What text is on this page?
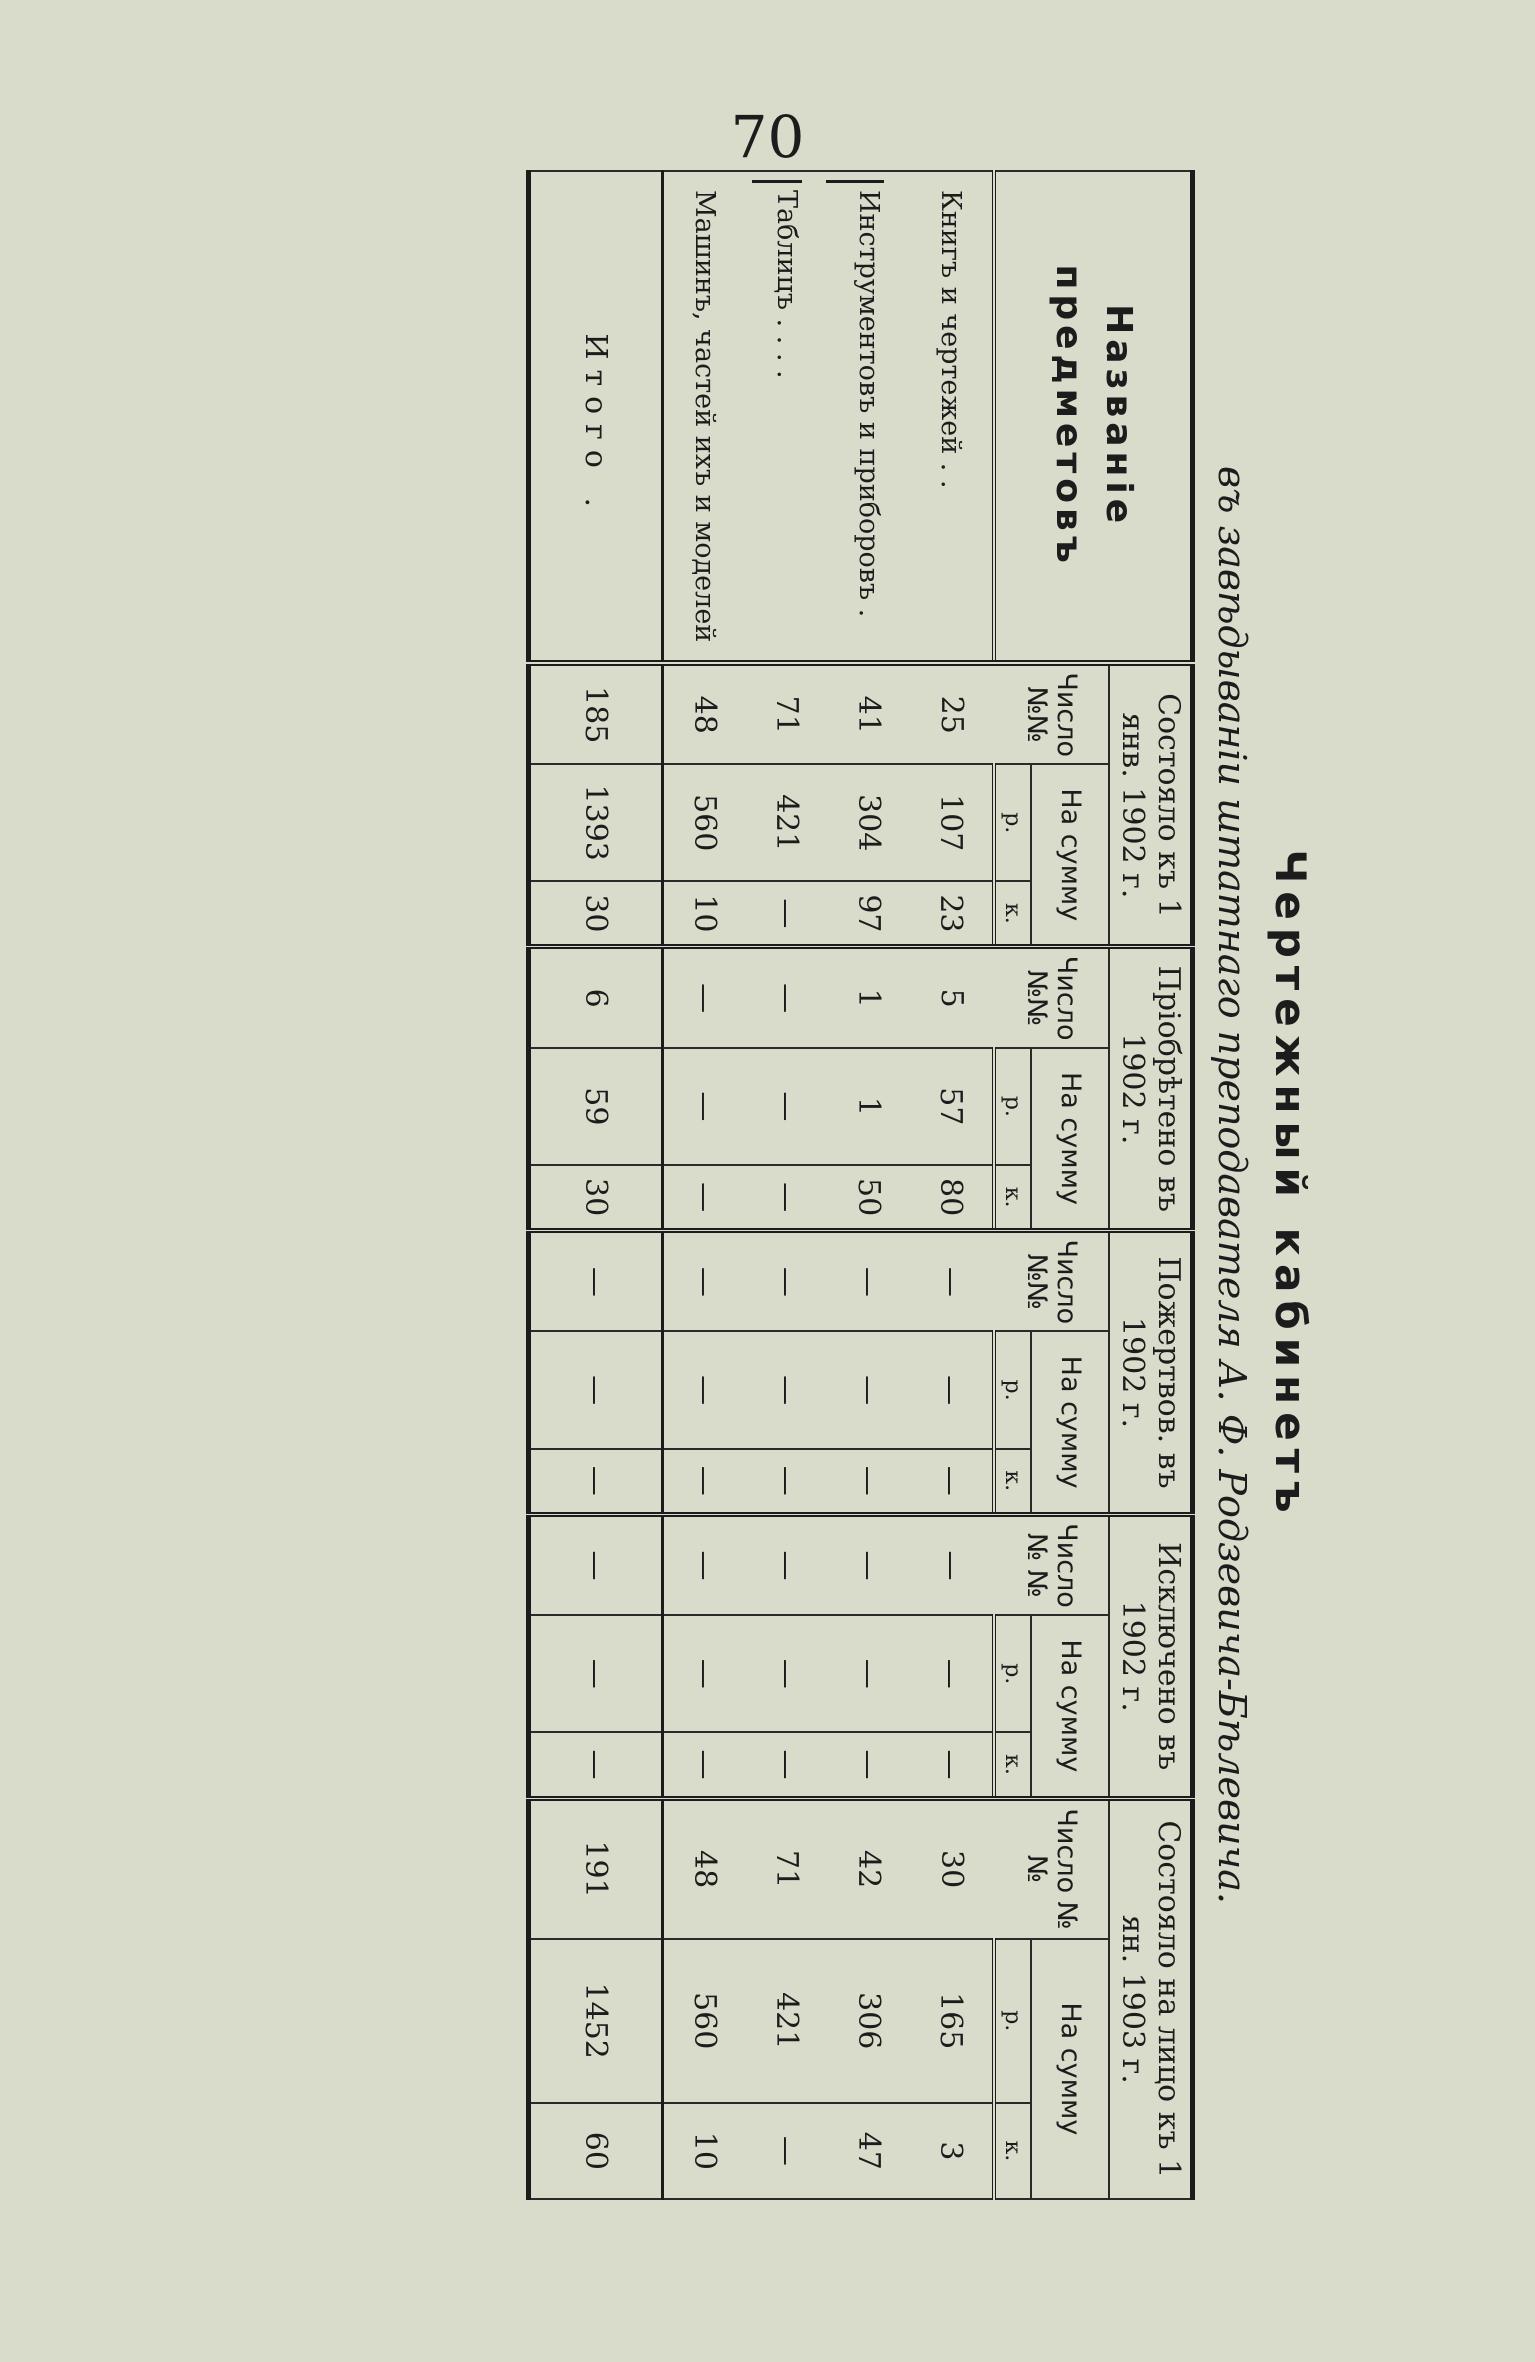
70
Чертежный кабинетъ
въ завѣдываніи штатнаго преподавателя А. Ф. Родзевича-Бѣлевича.
Названіе предметовъ	Состояло къ 1 янв. 1902 г.			Пріобрѣтено въ 1902 г.			Пожертвов. въ 1902 г.			Исключено въ 1902 г.			Состояло на лицо къ 1 ян. 1903 г.		
	Число №№	На сумму		Число №№	На сумму		Число №№	На сумму		Число № №	На сумму		Число №№	На сумму	
		р.	к.		р.	к.		р.	к.		р.	к.		р.	к.
Книгъ и чертежей . .	25	107	23	5	57	80	—	—	—	—	—	—	30	165	3
Инструментовъ и приборовъ .	41	304	97	1	1	50	—	—	—	—	—	—	42	306	47
Таблицъ . . . .	71	421	—	—	—	—	—	—	—	—	—	—	71	421	—
Машинъ, частей ихъ и моделей	48	560	10	—	—	—	—	—	—	—	—	—	48	560	10
Итого .	185	1393	30	6	59	30	—	—	—	—	—	—	191	1452	60
